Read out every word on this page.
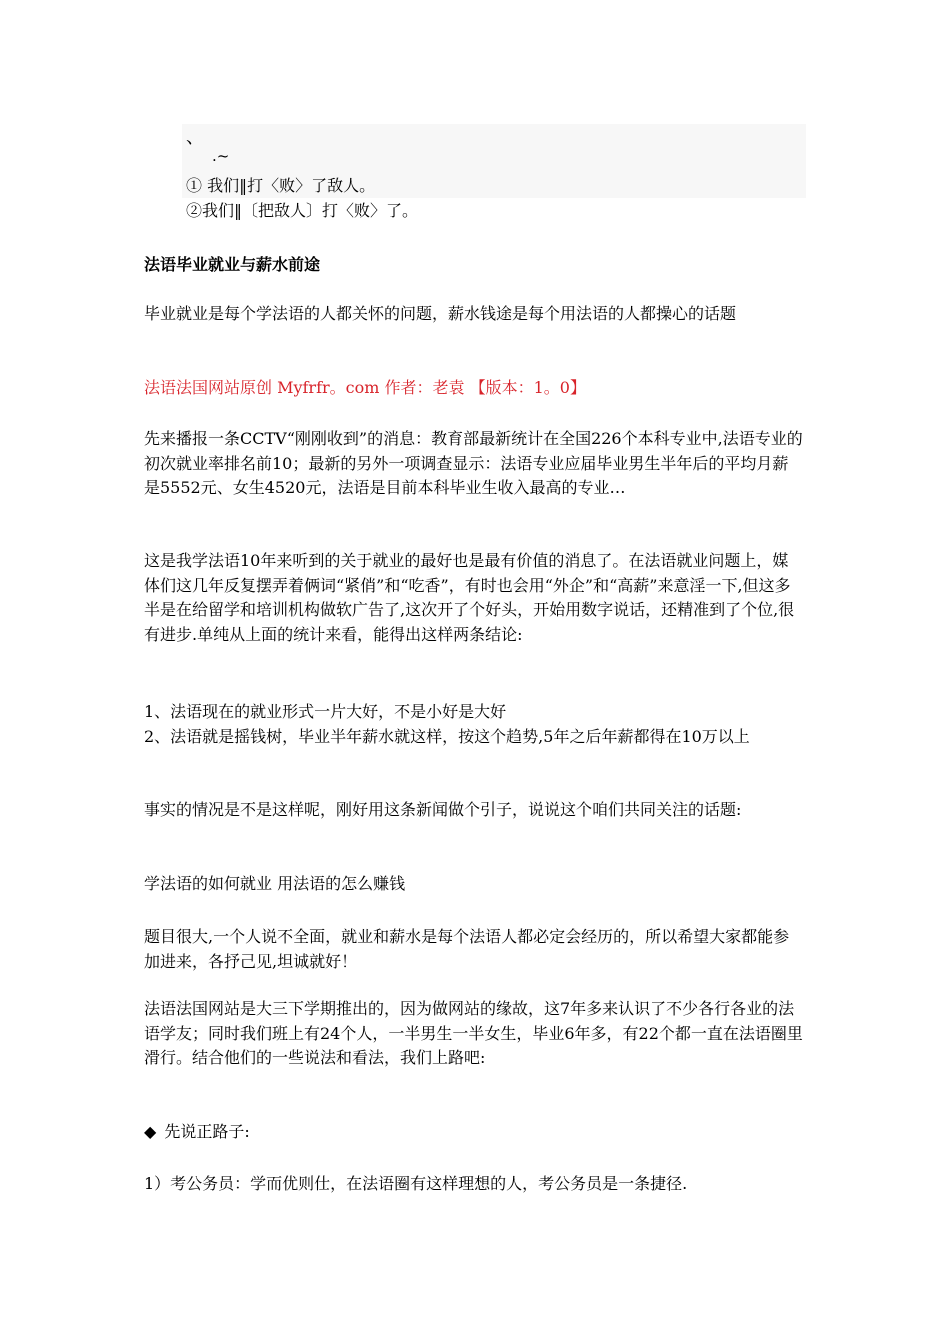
、
.~
① 我们‖打〈败〉了敌人。
②我们‖〔把敌人〕打〈败〉了。
法语毕业就业与薪水前途

毕业就业是每个学法语的人都关怀的问题，薪水钱途是每个用法语的人都操心的话题

法语法国网站原创 Myfrfr。com 作者：老袁 【版本：1。0】

先来播报一条CCTV“刚刚收到”的消息：教育部最新统计在全国226个本科专业中,法语专业的初次就业率排名前10；最新的另外一项调查显示：法语专业应届毕业男生半年后的平均月薪是5552元、女生4520元，法语是目前本科毕业生收入最高的专业…

这是我学法语10年来听到的关于就业的最好也是最有价值的消息了。在法语就业问题上，媒体们这几年反复摆弄着俩词“紧俏”和“吃香”，有时也会用“外企”和“高薪”来意淫一下,但这多半是在给留学和培训机构做软广告了,这次开了个好头，开始用数字说话，还精准到了个位,很有进步.单纯从上面的统计来看，能得出这样两条结论:

1、法语现在的就业形式一片大好，不是小好是大好
2、法语就是摇钱树，毕业半年薪水就这样，按这个趋势,5年之后年薪都得在10万以上

事实的情况是不是这样呢，刚好用这条新闻做个引子，说说这个咱们共同关注的话题:

学法语的如何就业 用法语的怎么赚钱

题目很大,一个人说不全面，就业和薪水是每个法语人都必定会经历的，所以希望大家都能参加进来，各抒己见,坦诚就好！

法语法国网站是大三下学期推出的，因为做网站的缘故，这7年多来认识了不少各行各业的法语学友；同时我们班上有24个人，一半男生一半女生，毕业6年多，有22个都一直在法语圈里滑行。结合他们的一些说法和看法，我们上路吧:

◆ 先说正路子:

1）考公务员：学而优则仕，在法语圈有这样理想的人，考公务员是一条捷径.
